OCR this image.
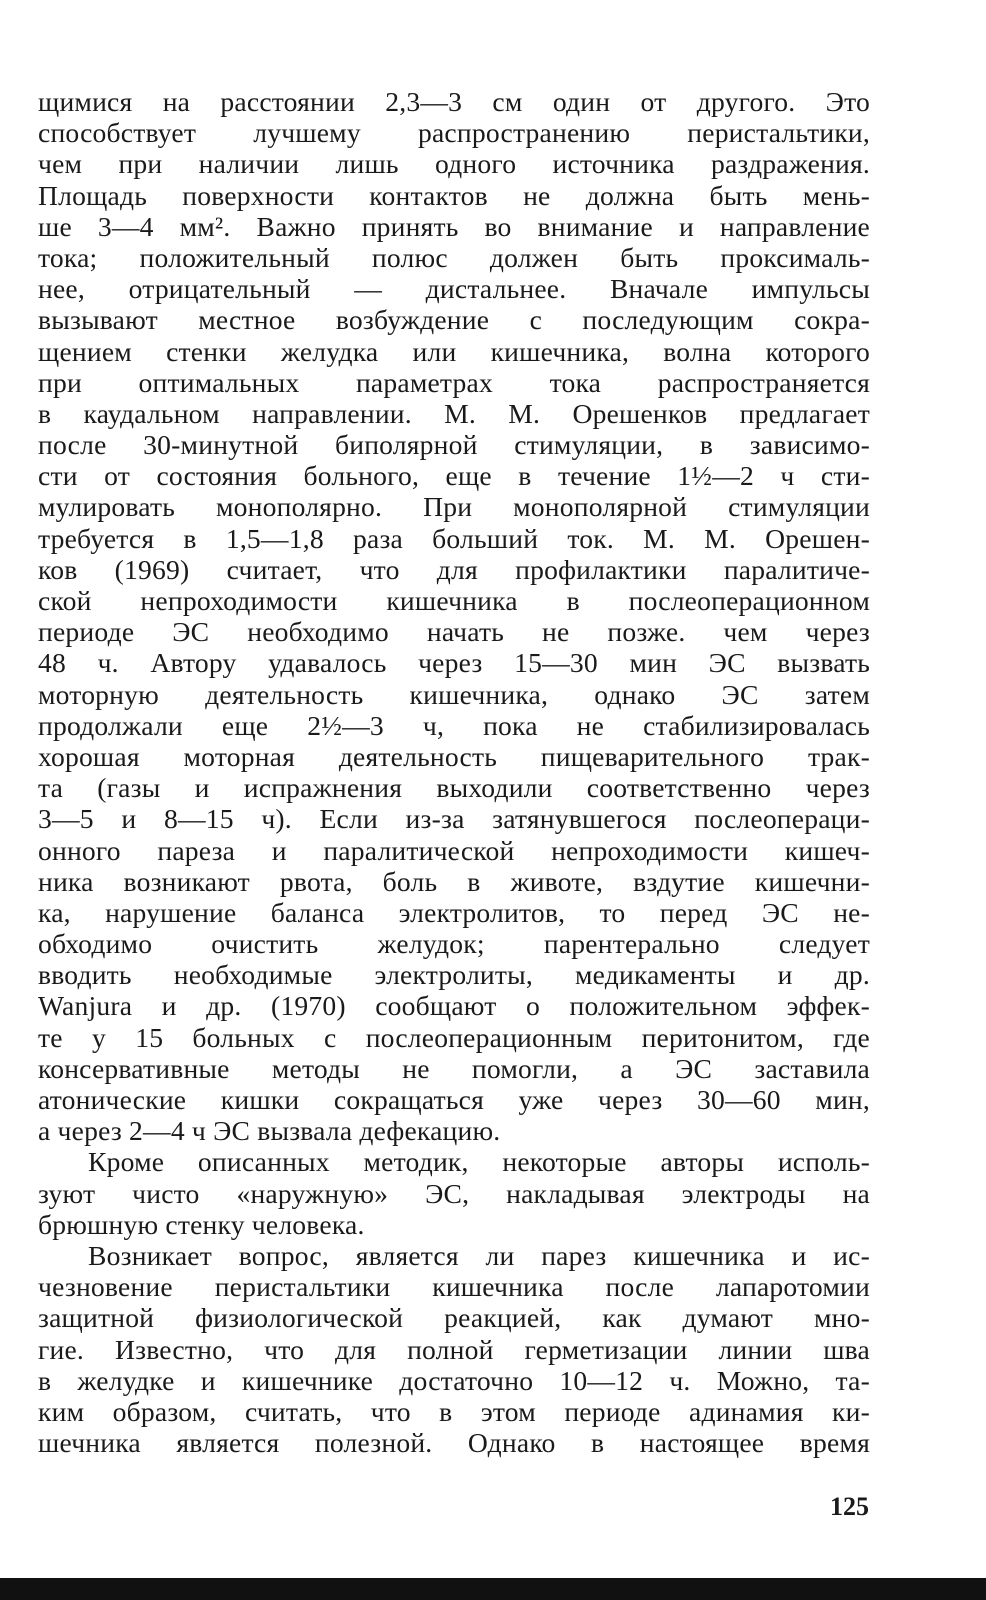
щимися на расстоянии 2,3—3 см один от другого. Это
способствует лучшему распространению перистальтики,
чем при наличии лишь одного источника раздражения.
Площадь поверхности контактов не должна быть мень-
ше 3—4 мм². Важно принять во внимание и направление
тока; положительный полюс должен быть проксималь-
нее, отрицательный — дистальнее. Вначале импульсы
вызывают местное возбуждение с последующим сокра-
щением стенки желудка или кишечника, волна которого
при оптимальных параметрах тока распространяется
в каудальном направлении. М. М. Орешенков предлагает
после 30-минутной биполярной стимуляции, в зависимо-
сти от состояния больного, еще в течение 1½—2 ч сти-
мулировать монополярно. При монополярной стимуляции
требуется в 1,5—1,8 раза больший ток. М. М. Орешен-
ков (1969) считает, что для профилактики паралитиче-
ской непроходимости кишечника в послеоперационном
периоде ЭС необходимо начать не позже. чем через
48 ч. Автору удавалось через 15—30 мин ЭС вызвать
моторную деятельность кишечника, однако ЭС затем
продолжали еще 2½—3 ч, пока не стабилизировалась
хорошая моторная деятельность пищеварительного трак-
та (газы и испражнения выходили соответственно через
3—5 и 8—15 ч). Если из-за затянувшегося послеопераци-
онного пареза и паралитической непроходимости кишеч-
ника возникают рвота, боль в животе, вздутие кишечни-
ка, нарушение баланса электролитов, то перед ЭС не-
обходимо очистить желудок; парентерально следует
вводить необходимые электролиты, медикаменты и др.
Wanjura и др. (1970) сообщают о положительном эффек-
те у 15 больных с послеоперационным перитонитом, где
консервативные методы не помогли, а ЭС заставила
атонические кишки сокращаться уже через 30—60 мин,
а через 2—4 ч ЭС вызвала дефекацию.
Кроме описанных методик, некоторые авторы исполь-
зуют чисто «наружную» ЭС, накладывая электроды на
брюшную стенку человека.
Возникает вопрос, является ли парез кишечника и ис-
чезновение перистальтики кишечника после лапаротомии
защитной физиологической реакцией, как думают мно-
гие. Известно, что для полной герметизации линии шва
в желудке и кишечнике достаточно 10—12 ч. Можно, та-
ким образом, считать, что в этом периоде адинамия ки-
шечника является полезной. Однако в настоящее время
125
